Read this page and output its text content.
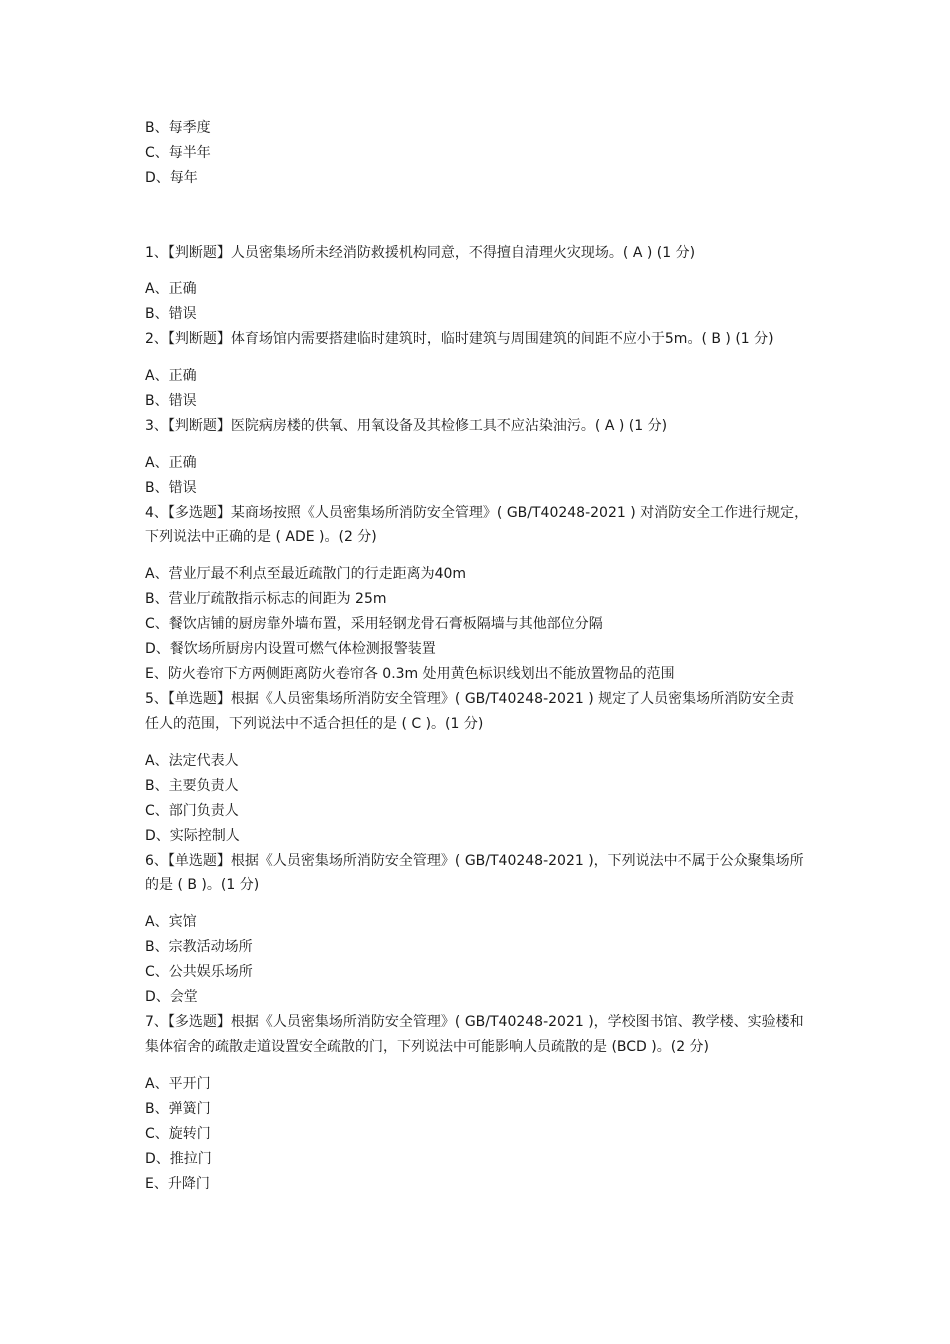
B、每季度
C、每半年
D、每年
1、【判断题】人员密集场所未经消防救援机构同意，不得擅自清理火灾现场。( A ) (1 分)
A、正确
B、错误
2、【判断题】体育场馆内需要搭建临时建筑时，临时建筑与周围建筑的间距不应小于5m。( B ) (1 分)
A、正确
B、错误
3、【判断题】医院病房楼的供氧、用氧设备及其检修工具不应沾染油污。( A ) (1 分)
A、正确
B、错误
4、【多选题】某商场按照《人员密集场所消防安全管理》( GB/T40248-2021 ) 对消防安全工作进行规定，
下列说法中正确的是 ( ADE )。(2 分)
A、营业厅最不利点至最近疏散门的行走距离为40m
B、营业厅疏散指示标志的间距为 25m
C、餐饮店铺的厨房靠外墙布置，采用轻钢龙骨石膏板隔墙与其他部位分隔
D、餐饮场所厨房内设置可燃气体检测报警装置
E、防火卷帘下方两侧距离防火卷帘各 0.3m 处用黄色标识线划出不能放置物品的范围
5、【单选题】根据《人员密集场所消防安全管理》( GB/T40248-2021 ) 规定了人员密集场所消防安全责
任人的范围，下列说法中不适合担任的是 ( C )。(1 分)
A、法定代表人
B、主要负责人
C、部门负责人
D、实际控制人
6、【单选题】根据《人员密集场所消防安全管理》( GB/T40248-2021 )，下列说法中不属于公众聚集场所
的是 ( B )。(1 分)
A、宾馆
B、宗教活动场所
C、公共娱乐场所
D、会堂
7、【多选题】根据《人员密集场所消防安全管理》( GB/T40248-2021 )，学校图书馆、教学楼、实验楼和
集体宿舍的疏散走道设置安全疏散的门，下列说法中可能影响人员疏散的是 (BCD )。(2 分)
A、平开门
B、弹簧门
C、旋转门
D、推拉门
E、升降门
